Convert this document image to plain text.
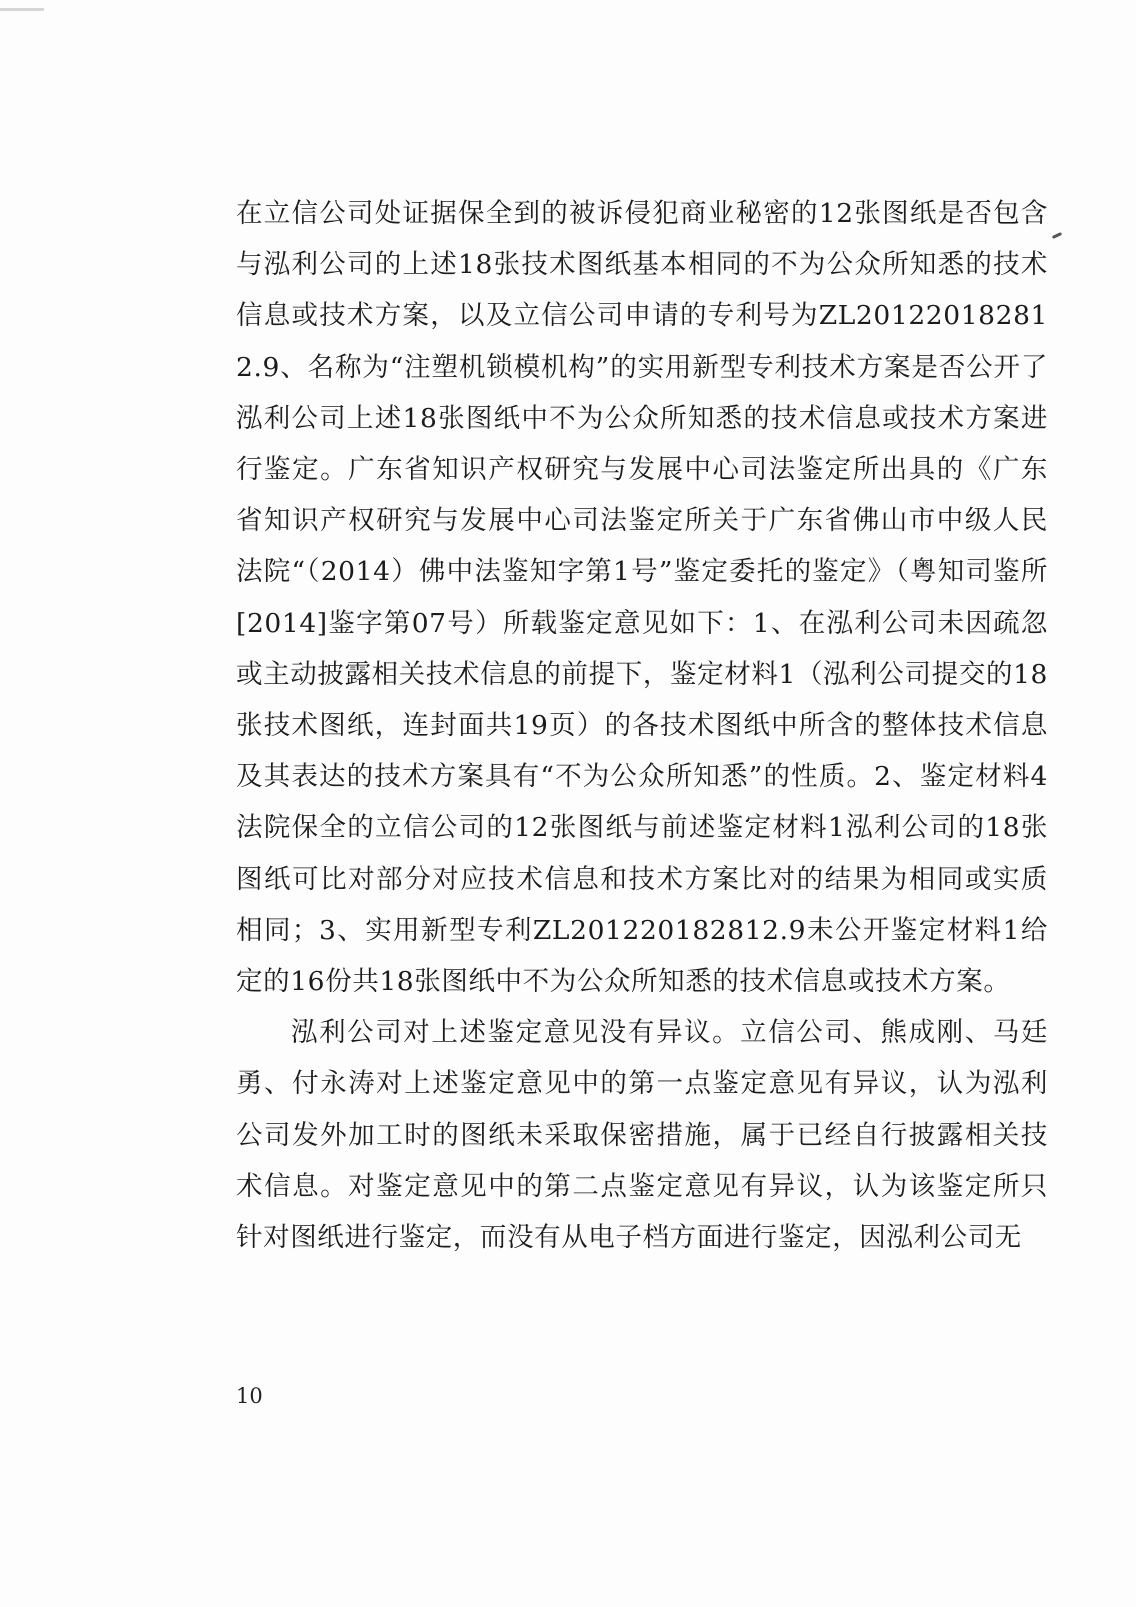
在立信公司处证据保全到的被诉侵犯商业秘密的12张图纸是否包含与泓利公司的上述18张技术图纸基本相同的不为公众所知悉的技术信息或技术方案，以及立信公司申请的专利号为ZL201220182812.9、名称为“注塑机锁模机构”的实用新型专利技术方案是否公开了泓利公司上述18张图纸中不为公众所知悉的技术信息或技术方案进行鉴定。广东省知识产权研究与发展中心司法鉴定所出具的《广东省知识产权研究与发展中心司法鉴定所关于广东省佛山市中级人民法院“（2014）佛中法鉴知字第1号”鉴定委托的鉴定》（粤知司鉴所[2014]鉴字第07号）所载鉴定意见如下：1、在泓利公司未因疏忽或主动披露相关技术信息的前提下，鉴定材料1（泓利公司提交的18张技术图纸，连封面共19页）的各技术图纸中所含的整体技术信息及其表达的技术方案具有“不为公众所知悉”的性质。2、鉴定材料4法院保全的立信公司的12张图纸与前述鉴定材料1泓利公司的18张图纸可比对部分对应技术信息和技术方案比对的结果为相同或实质相同；3、实用新型专利ZL201220182812.9未公开鉴定材料1给定的16份共18张图纸中不为公众所知悉的技术信息或技术方案。

泓利公司对上述鉴定意见没有异议。立信公司、熊成刚、马廷勇、付永涛对上述鉴定意见中的第一点鉴定意见有异议，认为泓利公司发外加工时的图纸未采取保密措施，属于已经自行披露相关技术信息。对鉴定意见中的第二点鉴定意见有异议，认为该鉴定所只针对图纸进行鉴定，而没有从电子档方面进行鉴定，因泓利公司无

10
